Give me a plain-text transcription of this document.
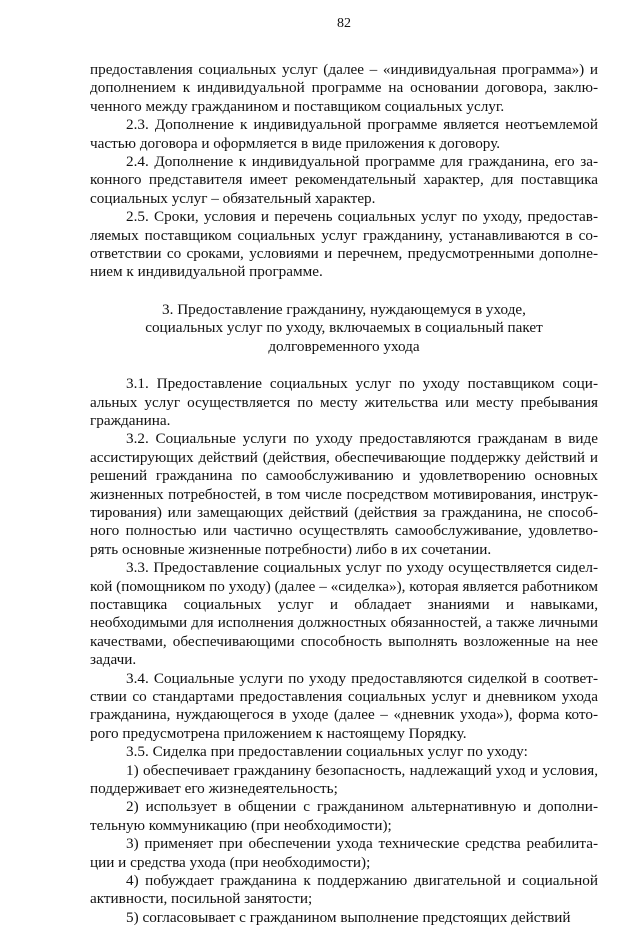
82

предоставления социальных услуг (далее – «индивидуальная программа») и дополнением к индивидуальной программе на основании договора, заключенного между гражданином и поставщиком социальных услуг.

2.3. Дополнение к индивидуальной программе является неотъемлемой частью договора и оформляется в виде приложения к договору.

2.4. Дополнение к индивидуальной программе для гражданина, его законного представителя имеет рекомендательный характер, для поставщика социальных услуг – обязательный характер.

2.5. Сроки, условия и перечень социальных услуг по уходу, предоставляемых поставщиком социальных услуг гражданину, устанавливаются в соответствии со сроками, условиями и перечнем, предусмотренными дополнением к индивидуальной программе.

3. Предоставление гражданину, нуждающемуся в уходе,
социальных услуг по уходу, включаемых в социальный пакет
долговременного ухода

3.1. Предоставление социальных услуг по уходу поставщиком социальных услуг осуществляется по месту жительства или месту пребывания гражданина.

3.2. Социальные услуги по уходу предоставляются гражданам в виде ассистирующих действий (действия, обеспечивающие поддержку действий и решений гражданина по самообслуживанию и удовлетворению основных жизненных потребностей, в том числе посредством мотивирования, инструктирования) или замещающих действий (действия за гражданина, не способного полностью или частично осуществлять самообслуживание, удовлетворять основные жизненные потребности) либо в их сочетании.

3.3. Предоставление социальных услуг по уходу осуществляется сиделкой (помощником по уходу) (далее – «сиделка»), которая является работником поставщика социальных услуг и обладает знаниями и навыками, необходимыми для исполнения должностных обязанностей, а также личными качествами, обеспечивающими способность выполнять возложенные на нее задачи.

3.4. Социальные услуги по уходу предоставляются сиделкой в соответствии со стандартами предоставления социальных услуг и дневником ухода гражданина, нуждающегося в уходе (далее – «дневник ухода»), форма которого предусмотрена приложением к настоящему Порядку.

3.5. Сиделка при предоставлении социальных услуг по уходу:

1) обеспечивает гражданину безопасность, надлежащий уход и условия, поддерживает его жизнедеятельность;

2) использует в общении с гражданином альтернативную и дополнительную коммуникацию (при необходимости);

3) применяет при обеспечении ухода технические средства реабилитации и средства ухода (при необходимости);

4) побуждает гражданина к поддержанию двигательной и социальной активности, посильной занятости;

5) согласовывает с гражданином выполнение предстоящих действий
